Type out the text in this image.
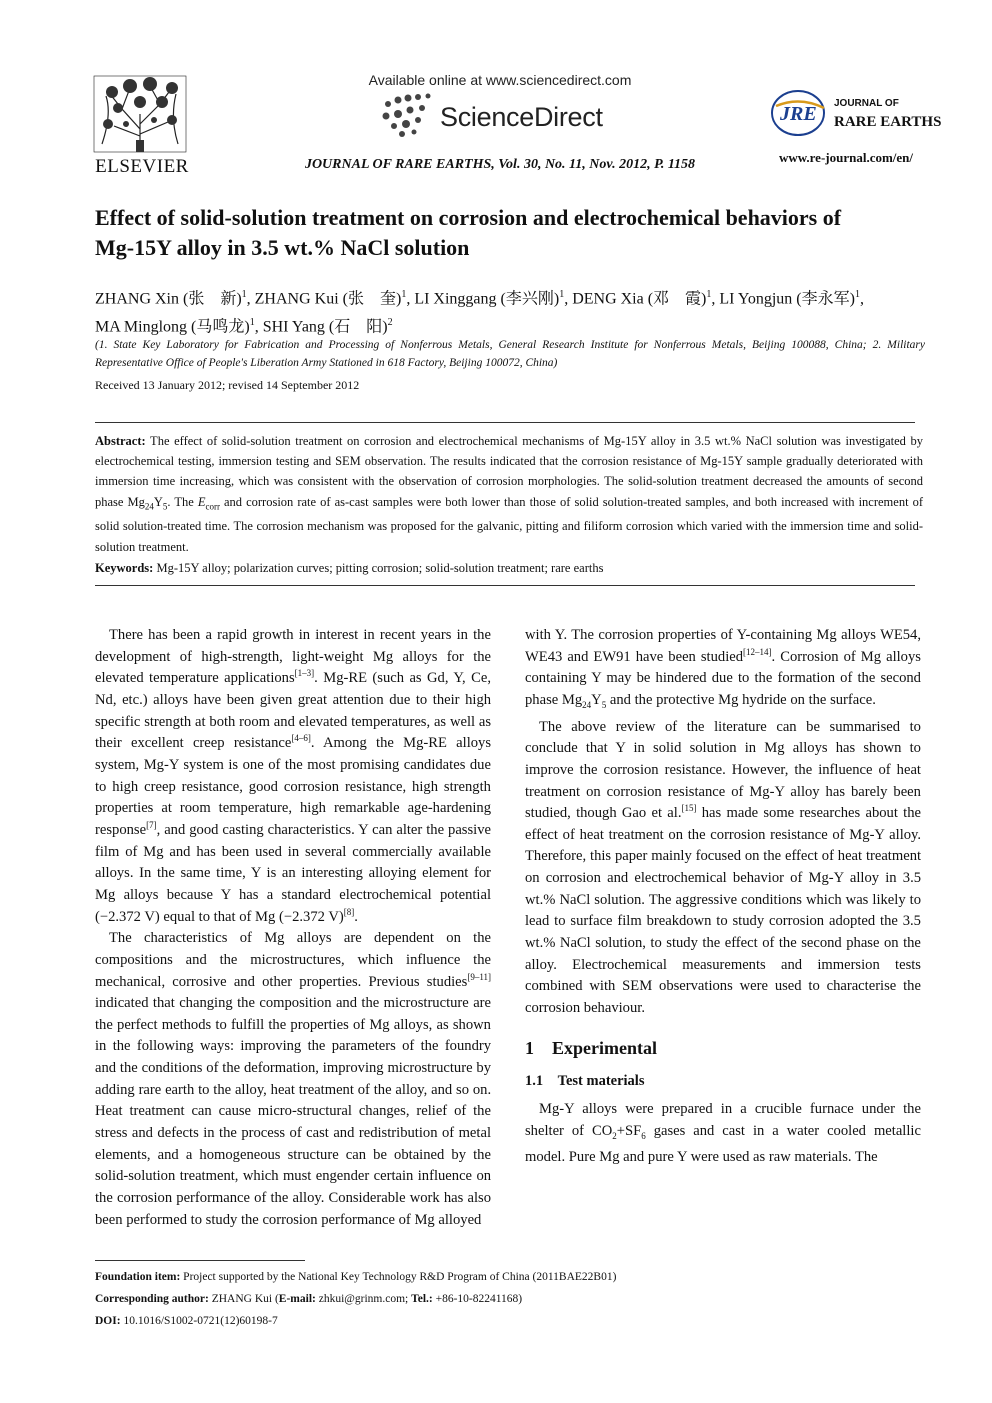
ELSEVIER
Available online at www.sciencedirect.com
ScienceDirect
JOURNAL OF RARE EARTHS, Vol. 30, No. 11, Nov. 2012, P. 1158
JRE JOURNAL OF
RARE EARTHS
www.re-journal.com/en/
Effect of solid-solution treatment on corrosion and electrochemical behaviors of Mg-15Y alloy in 3.5 wt.% NaCl solution
ZHANG Xin (张　新)$^1$, ZHANG Kui (张　奎)$^1$, LI Xinggang (李兴刚)$^1$, DENG Xia (邓　霞)$^1$, LI Yongjun (李永军)$^1$,
MA Minglong (马鸣龙)$^1$, SHI Yang (石　阳)$^2$
(1. State Key Laboratory for Fabrication and Processing of Nonferrous Metals, General Research Institute for Nonferrous Metals, Beijing 100088, China; 2. Military Representative Office of People's Liberation Army Stationed in 618 Factory, Beijing 100072, China)
Received 13 January 2012; revised 14 September 2012
Abstract: The effect of solid-solution treatment on corrosion and electrochemical mechanisms of Mg-15Y alloy in 3.5 wt.% NaCl solution was investigated by electrochemical testing, immersion testing and SEM observation. The results indicated that the corrosion resistance of Mg-15Y sample gradually deteriorated with immersion time increasing, which was consistent with the observation of corrosion morphologies. The solid-solution treatment decreased the amounts of second phase $Mg_{24}Y_5$. The $E_{corr}$ and corrosion rate of as-cast samples were both lower than those of solid solution-treated samples, and both increased with increment of solid solution-treated time. The corrosion mechanism was proposed for the galvanic, pitting and filiform corrosion which varied with the immersion time and solid-solution treatment.
Keywords: Mg-15Y alloy; polarization curves; pitting corrosion; solid-solution treatment; rare earths

There has been a rapid growth in interest in recent years in the development of high-strength, light-weight Mg alloys for the elevated temperature applications[1–3]. Mg-RE (such as Gd, Y, Ce, Nd, etc.) alloys have been given great attention due to their high specific strength at both room and elevated temperatures, as well as their excellent creep resistance[4–6]. Among the Mg-RE alloys system, Mg-Y system is one of the most promising candidates due to high creep resistance, good corrosion resistance, high strength properties at room temperature, high remarkable age-hardening response[7], and good casting characteristics. Y can alter the passive film of Mg and has been used in several commercially available alloys. In the same time, Y is an interesting alloying element for Mg alloys because Y has a standard electrochemical potential (−2.372 V) equal to that of Mg (−2.372 V)[8].

The characteristics of Mg alloys are dependent on the compositions and the microstructures, which influence the mechanical, corrosive and other properties. Previous studies[9–11] indicated that changing the composition and the microstructure are the perfect methods to fulfill the properties of Mg alloys, as shown in the following ways: improving the parameters of the foundry and the conditions of the deformation, improving microstructure by adding rare earth to the alloy, heat treatment of the alloy, and so on. Heat treatment can cause micro-structural changes, relief of the stress and defects in the process of cast and redistribution of metal elements, and a homogeneous structure can be obtained by the solid-solution treatment, which must engender certain influence on the corrosion performance of the alloy. Considerable work has also been performed to study the corrosion performance of Mg alloyed

with Y. The corrosion properties of Y-containing Mg alloys WE54, WE43 and EW91 have been studied[12–14]. Corrosion of Mg alloys containing Y may be hindered due to the formation of the second phase $Mg_{24}Y_5$ and the protective Mg hydride on the surface.

The above review of the literature can be summarised to conclude that Y in solid solution in Mg alloys has shown to improve the corrosion resistance. However, the influence of heat treatment on corrosion resistance of Mg-Y alloy has barely been studied, though Gao et al.[15] has made some researches about the effect of heat treatment on the corrosion resistance of Mg-Y alloy. Therefore, this paper mainly focused on the effect of heat treatment on corrosion and electrochemical behavior of Mg-Y alloy in 3.5 wt.% NaCl solution. The aggressive conditions which was likely to lead to surface film breakdown to study corrosion adopted the 3.5 wt.% NaCl solution, to study the effect of the second phase on the alloy. Electrochemical measurements and immersion tests combined with SEM observations were used to characterise the corrosion behaviour.

1　Experimental
1.1　Test materials

Mg-Y alloys were prepared in a crucible furnace under the shelter of $CO_2+SF_6$ gases and cast in a water cooled metallic model. Pure Mg and pure Y were used as raw materials. The

Foundation item: Project supported by the National Key Technology R&D Program of China (2011BAE22B01)
Corresponding author: ZHANG Kui (E-mail: zhkui@grinm.com; Tel.: +86-10-82241168)
DOI: 10.1016/S1002-0721(12)60198-7
